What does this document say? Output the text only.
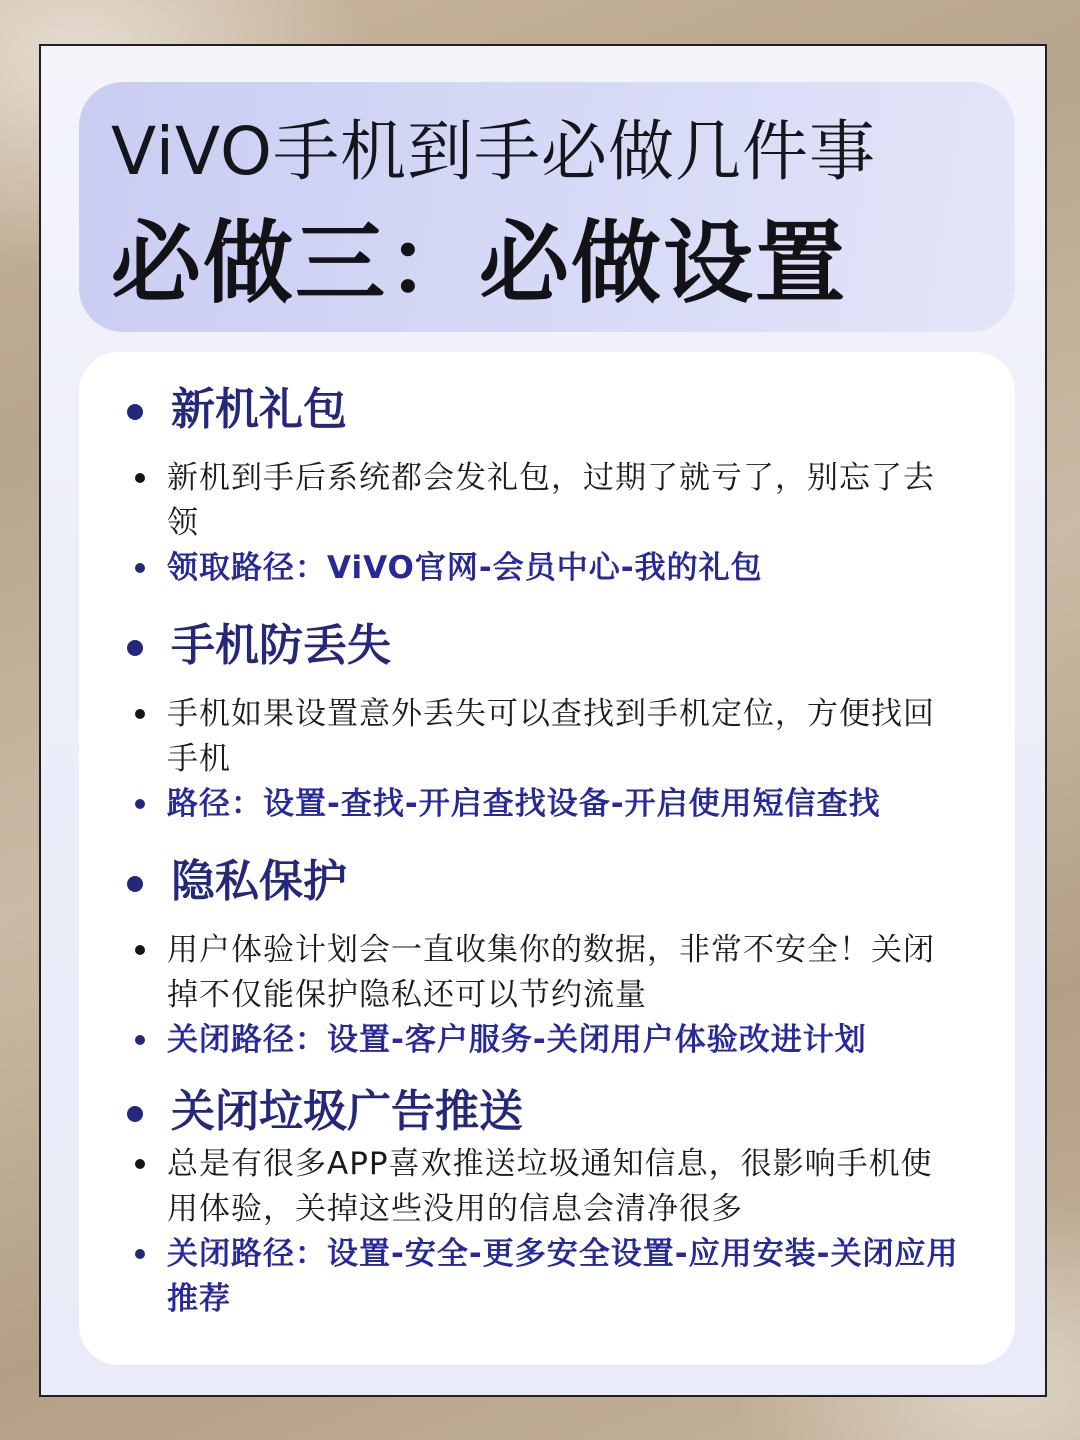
ViVO手机到手必做几件事
必做三：必做设置
新机礼包
新机到手后系统都会发礼包，过期了就亏了，别忘了去领
领取路径：ViVO官网-会员中心-我的礼包
手机防丢失
手机如果设置意外丢失可以查找到手机定位，方便找回手机
路径：设置-查找-开启查找设备-开启使用短信查找
隐私保护
用户体验计划会一直收集你的数据，非常不安全！关闭掉不仅能保护隐私还可以节约流量
关闭路径：设置-客户服务-关闭用户体验改进计划
关闭垃圾广告推送
总是有很多APP喜欢推送垃圾通知信息，很影响手机使用体验，关掉这些没用的信息会清净很多
关闭路径：设置-安全-更多安全设置-应用安装-关闭应用推荐
